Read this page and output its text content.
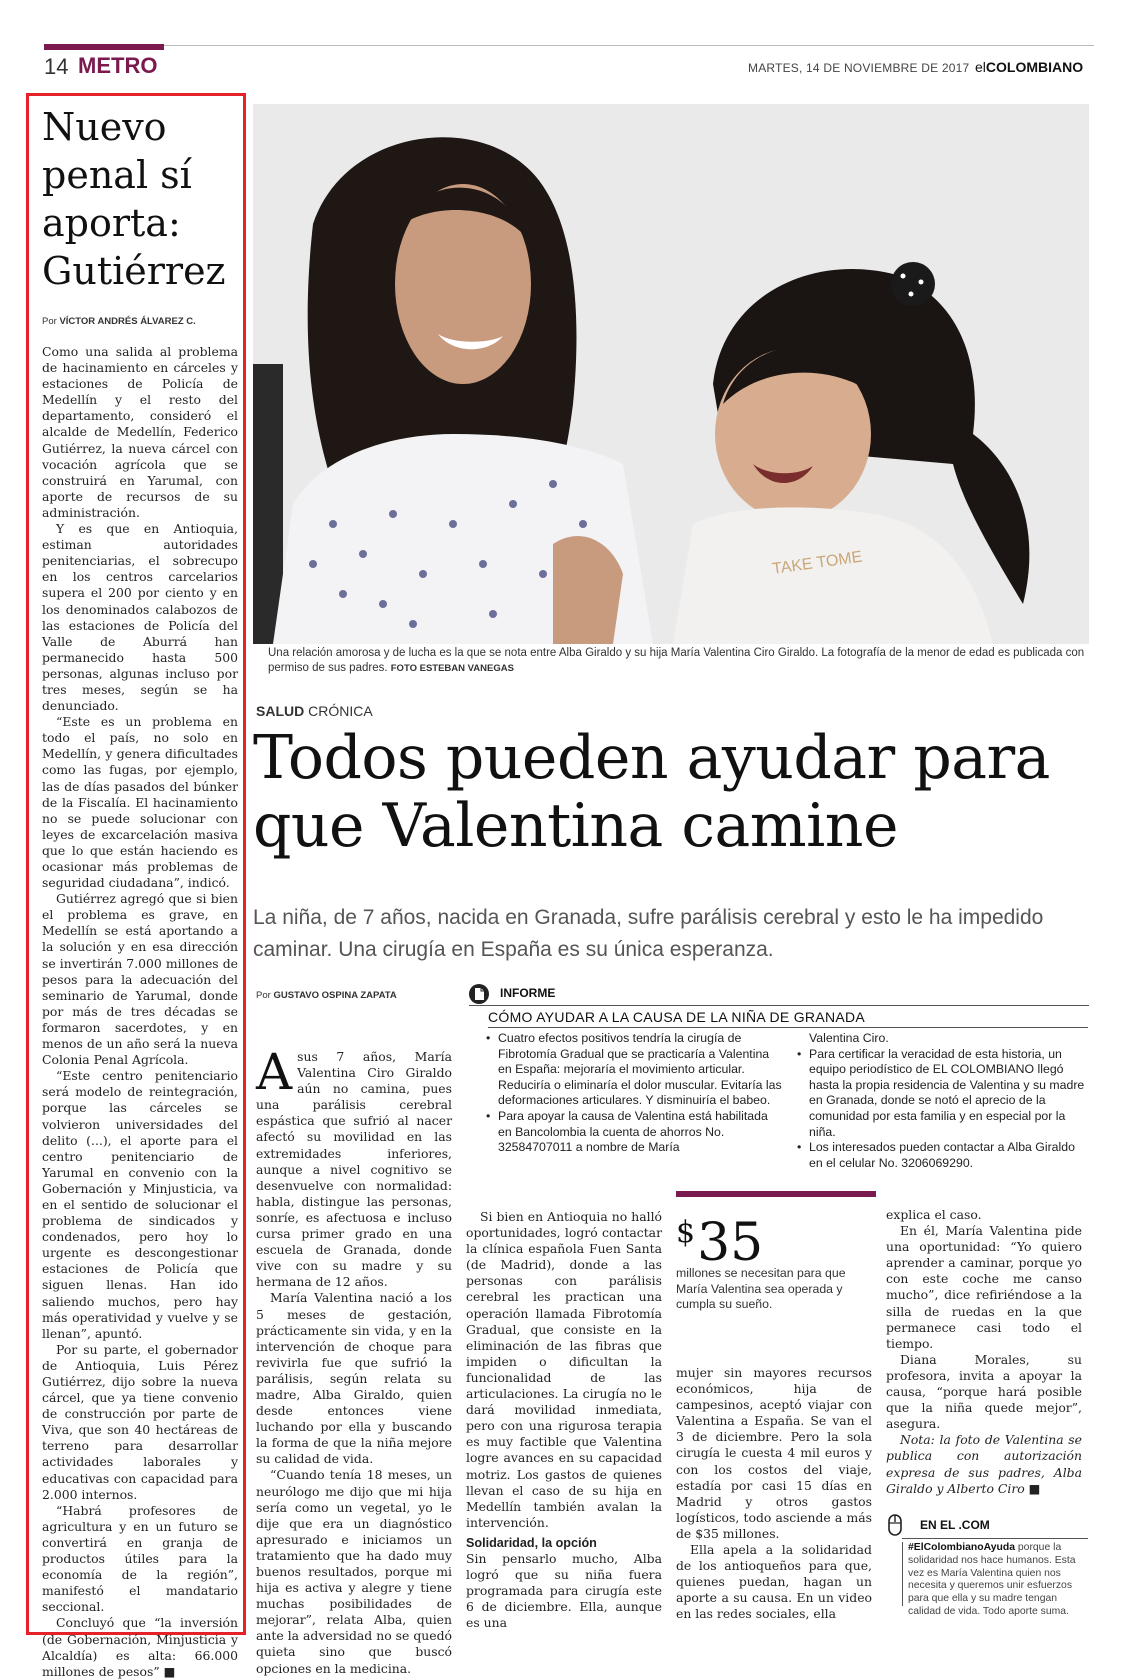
14 METRO	MARTES, 14 DE NOVIEMBRE DE 2017 elCOLOMBIANO
Nuevo penal sí aporta: Gutiérrez
Por VÍCTOR ANDRÉS ÁLVAREZ C.

Como una salida al problema de hacinamiento en cárceles y estaciones de Policía de Medellín y el resto del departamento, consideró el alcalde de Medellín, Federico Gutiérrez, la nueva cárcel con vocación agrícola que se construirá en Yarumal, con aporte de recursos de su administración.

Y es que en Antioquia, estiman autoridades penitenciarias, el sobrecupo en los centros carcelarios supera el 200 por ciento y en los denominados calabozos de las estaciones de Policía del Valle de Aburrá han permanecido hasta 500 personas, algunas incluso por tres meses, según se ha denunciado.

“Este es un problema en todo el país, no solo en Medellín, y genera dificultades como las fugas, por ejemplo, las de días pasados del búnker de la Fiscalía. El hacinamiento no se puede solucionar con leyes de excarcelación masiva que lo que están haciendo es ocasionar más problemas de seguridad ciudadana”, indicó.

Gutiérrez agregó que si bien el problema es grave, en Medellín se está aportando a la solución y en esa dirección se invertirán 7.000 millones de pesos para la adecuación del seminario de Yarumal, donde por más de tres décadas se formaron sacerdotes, y en menos de un año será la nueva Colonia Penal Agrícola.

“Este centro penitenciario será modelo de reintegración, porque las cárceles se volvieron universidades del delito (...), el aporte para el centro penitenciario de Yarumal en convenio con la Gobernación y Minjusticia, va en el sentido de solucionar el problema de sindicados y condenados, pero hoy lo urgente es descongestionar estaciones de Policía que siguen llenas. Han ido saliendo muchos, pero hay más operatividad y vuelve y se llenan”, apuntó.

Por su parte, el gobernador de Antioquia, Luis Pérez Gutiérrez, dijo sobre la nueva cárcel, que ya tiene convenio de construcción por parte de Viva, que son 40 hectáreas de terreno para desarrollar actividades laborales y educativas con capacidad para 2.000 internos.

“Habrá profesores de agricultura y en un futuro se convertirá en granja de productos útiles para la economía de la región”, manifestó el mandatario seccional.

Concluyó que “la inversión (de Gobernación, Minjusticia y Alcaldía) es alta: 66.000 millones de pesos” ■

TAKE TOME
Una relación amorosa y de lucha es la que se nota entre Alba Giraldo y su hija María Valentina Ciro Giraldo. La fotografía de la menor de edad es publicada con permiso de sus padres. FOTO ESTEBAN VANEGAS
SALUD CRÓNICA
Todos pueden ayudar para que Valentina camine
La niña, de 7 años, nacida en Granada, sufre parálisis cerebral y esto le ha impedido caminar. Una cirugía en España es su única esperanza.
Por GUSTAVO OSPINA ZAPATA	INFORME
CÓMO AYUDAR A LA CAUSA DE LA NIÑA DE GRANADA
• Cuatro efectos positivos tendría la cirugía de Fibrotomía Gradual que se practicaría a Valentina en España: mejoraría el movimiento articular. Reduciría o eliminaría el dolor muscular. Evitaría las deformaciones articulares. Y disminuiría el babeo.
• Para apoyar la causa de Valentina está habilitada en Bancolombia la cuenta de ahorros No. 32584707011 a nombre de María
Valentina Ciro.
• Para certificar la veracidad de esta historia, un equipo periodístico de EL COLOMBIANO llegó hasta la propia residencia de Valentina y su madre en Granada, donde se notó el aprecio de la comunidad por esta familia y en especial por la niña.
• Los interesados pueden contactar a Alba Giraldo en el celular No. 3206069290.

Asus 7 años, María Valentina Ciro Giraldo aún no camina, pues una parálisis cerebral espástica que sufrió al nacer afectó su movilidad en las extremidades inferiores, aunque a nivel cognitivo se desenvuelve con normalidad: habla, distingue las personas, sonríe, es afectuosa e incluso cursa primer grado en una escuela de Granada, donde vive con su madre y su hermana de 12 años.

María Valentina nació a los 5 meses de gestación, prácticamente sin vida, y en la intervención de choque para revivirla fue que sufrió la parálisis, según relata su madre, Alba Giraldo, quien desde entonces viene luchando por ella y buscando la forma de que la niña mejore su calidad de vida.

“Cuando tenía 18 meses, un neurólogo me dijo que mi hija sería como un vegetal, yo le dije que era un diagnóstico apresurado e iniciamos un tratamiento que ha dado muy buenos resultados, porque mi hija es activa y alegre y tiene muchas posibilidades de mejorar”, relata Alba, quien ante la adversidad no se quedó quieta sino que buscó opciones en la medicina.

Si bien en Antioquia no halló oportunidades, logró contactar la clínica española Fuen Santa (de Madrid), donde a las personas con parálisis cerebral les practican una operación llamada Fibrotomía Gradual, que consiste en la eliminación de las fibras que impiden o dificultan la funcionalidad de las articulaciones. La cirugía no le dará movilidad inmediata, pero con una rigurosa terapia es muy factible que Valentina logre avances en su capacidad motriz. Los gastos de quienes llevan el caso de su hija en Medellín también avalan la intervención.

Solidaridad, la opción

Sin pensarlo mucho, Alba logró que su niña fuera programada para cirugía este 6 de diciembre. Ella, aunque es una

$35
millones se necesitan para que María Valentina sea operada y cumpla su sueño.

mujer sin mayores recursos económicos, hija de campesinos, aceptó viajar con Valentina a España. Se van el 3 de diciembre. Pero la sola cirugía le cuesta 4 mil euros y con los costos del viaje, estadía por casi 15 días en Madrid y otros gastos logísticos, todo asciende a más de $35 millones.

Ella apela a la solidaridad de los antioqueños para que, quienes puedan, hagan un aporte a su causa. En un video en las redes sociales, ella

explica el caso.

En él, María Valentina pide una oportunidad: “Yo quiero aprender a caminar, porque yo con este coche me canso mucho”, dice refiriéndose a la silla de ruedas en la que permanece casi todo el tiempo.

Diana Morales, su profesora, invita a apoyar la causa, “porque hará posible que la niña quede mejor”, asegura.

Nota: la foto de Valentina se publica con autorización expresa de sus padres, Alba Giraldo y Alberto Ciro ■

EN EL .COM
#ElColombianoAyuda porque la solidaridad nos hace humanos. Esta vez es María Valentina quien nos necesita y queremos unir esfuerzos para que ella y su madre tengan calidad de vida. Todo aporte suma.
